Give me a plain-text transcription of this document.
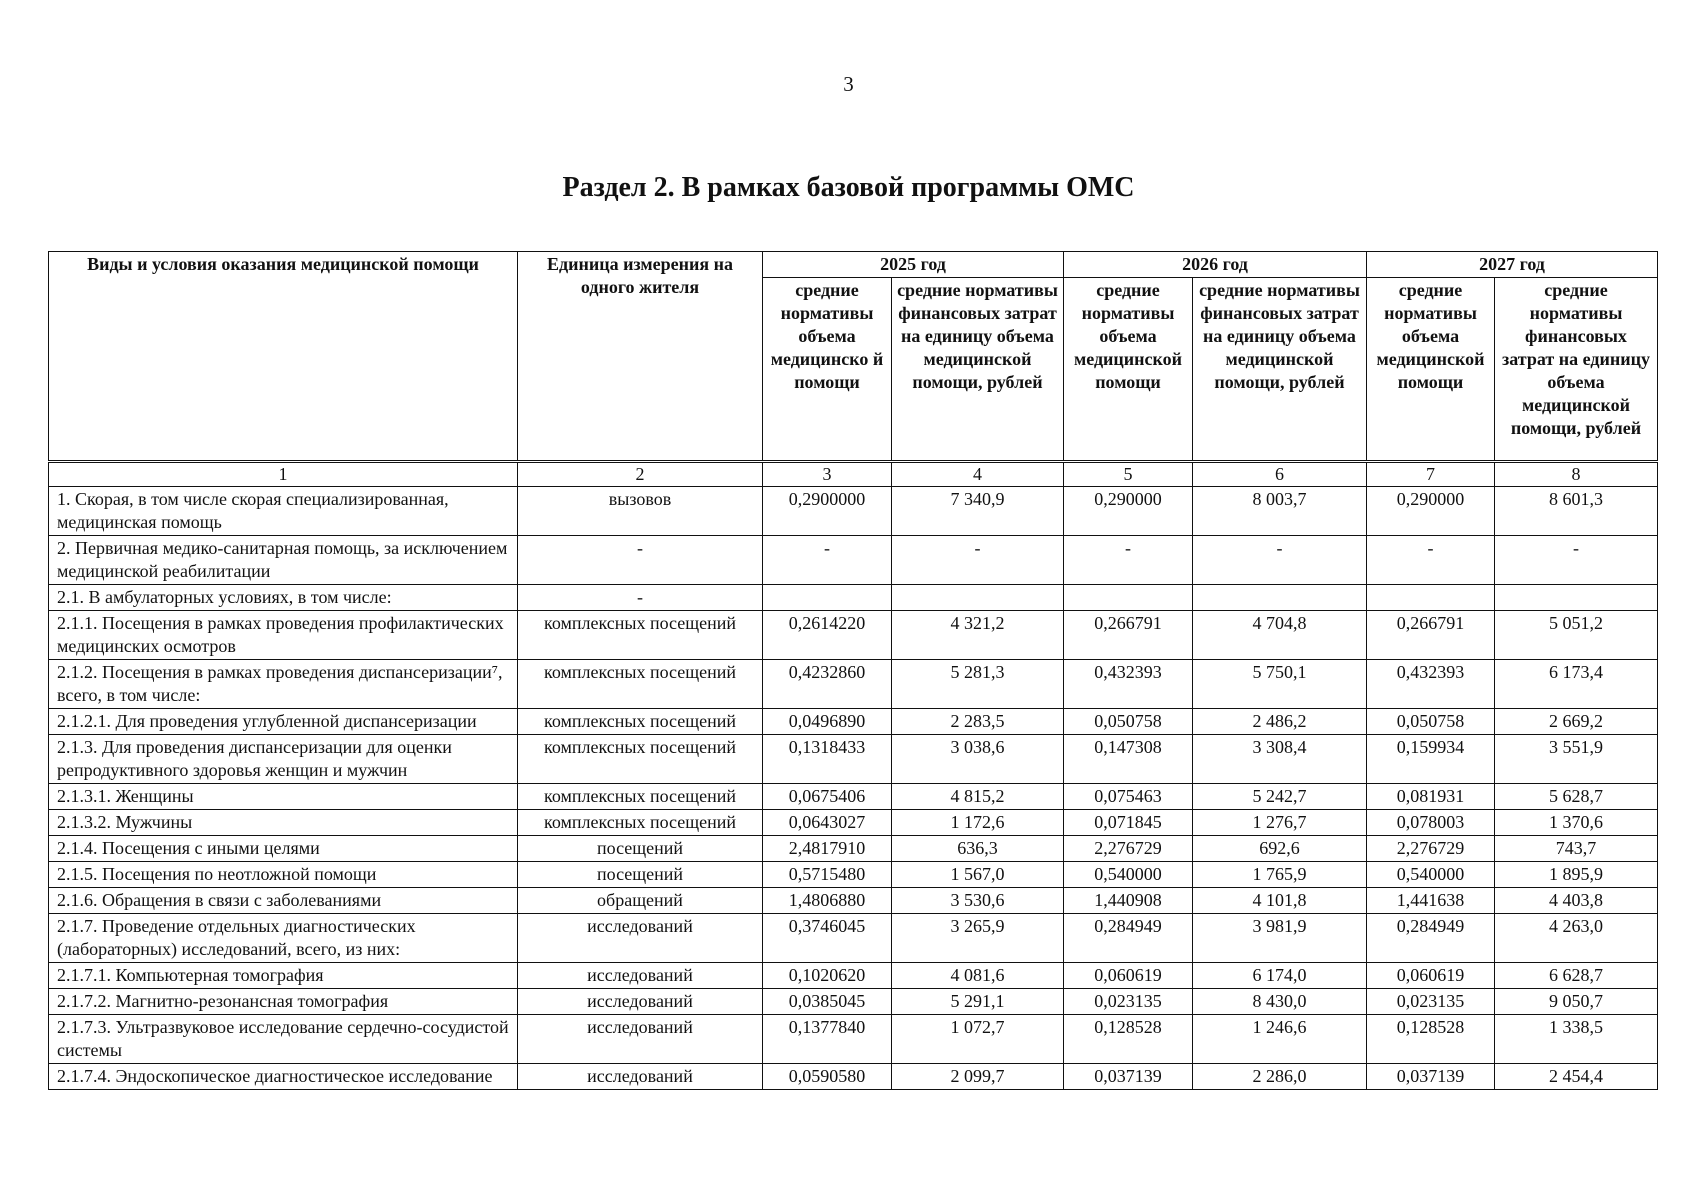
3
Раздел 2. В рамках базовой программы ОМС
Виды и условия оказания медицинской помощи	Единица измерения на одного жителя	2025 год		2026 год		2027 год	
		средние нормативы объема медицинско й помощи	средние нормативы финансовых затрат на единицу объема медицинской помощи, рублей	средние нормативы объема медицинской помощи	средние нормативы финансовых затрат на единицу объема медицинской помощи, рублей	средние нормативы объема медицинской помощи	средние нормативы финансовых затрат на единицу объема медицинской помощи, рублей
1	2	3	4	5	6	7	8
1. Скорая, в том числе скорая специализированная, медицинская помощь	вызовов	0,2900000	7 340,9	0,290000	8 003,7	0,290000	8 601,3
2. Первичная медико-санитарная помощь, за исключением медицинской реабилитации	-	-	-	-	-	-	-
2.1. В амбулаторных условиях, в том числе:	-						
2.1.1. Посещения в рамках проведения профилактических медицинских осмотров	комплексных посещений	0,2614220	4 321,2	0,266791	4 704,8	0,266791	5 051,2
2.1.2. Посещения в рамках проведения диспансеризации⁷, всего, в том числе:	комплексных посещений	0,4232860	5 281,3	0,432393	5 750,1	0,432393	6 173,4
2.1.2.1. Для проведения углубленной диспансеризации	комплексных посещений	0,0496890	2 283,5	0,050758	2 486,2	0,050758	2 669,2
2.1.3. Для проведения диспансеризации для оценки репродуктивного здоровья женщин и мужчин	комплексных посещений	0,1318433	3 038,6	0,147308	3 308,4	0,159934	3 551,9
2.1.3.1. Женщины	комплексных посещений	0,0675406	4 815,2	0,075463	5 242,7	0,081931	5 628,7
2.1.3.2. Мужчины	комплексных посещений	0,0643027	1 172,6	0,071845	1 276,7	0,078003	1 370,6
2.1.4. Посещения с иными целями	посещений	2,4817910	636,3	2,276729	692,6	2,276729	743,7
2.1.5. Посещения по неотложной помощи	посещений	0,5715480	1 567,0	0,540000	1 765,9	0,540000	1 895,9
2.1.6. Обращения в связи с заболеваниями	обращений	1,4806880	3 530,6	1,440908	4 101,8	1,441638	4 403,8
2.1.7. Проведение отдельных диагностических (лабораторных) исследований, всего, из них:	исследований	0,3746045	3 265,9	0,284949	3 981,9	0,284949	4 263,0
2.1.7.1. Компьютерная томография	исследований	0,1020620	4 081,6	0,060619	6 174,0	0,060619	6 628,7
2.1.7.2. Магнитно-резонансная томография	исследований	0,0385045	5 291,1	0,023135	8 430,0	0,023135	9 050,7
2.1.7.3. Ультразвуковое исследование сердечно-сосудистой системы	исследований	0,1377840	1 072,7	0,128528	1 246,6	0,128528	1 338,5
2.1.7.4. Эндоскопическое диагностическое исследование	исследований	0,0590580	2 099,7	0,037139	2 286,0	0,037139	2 454,4
